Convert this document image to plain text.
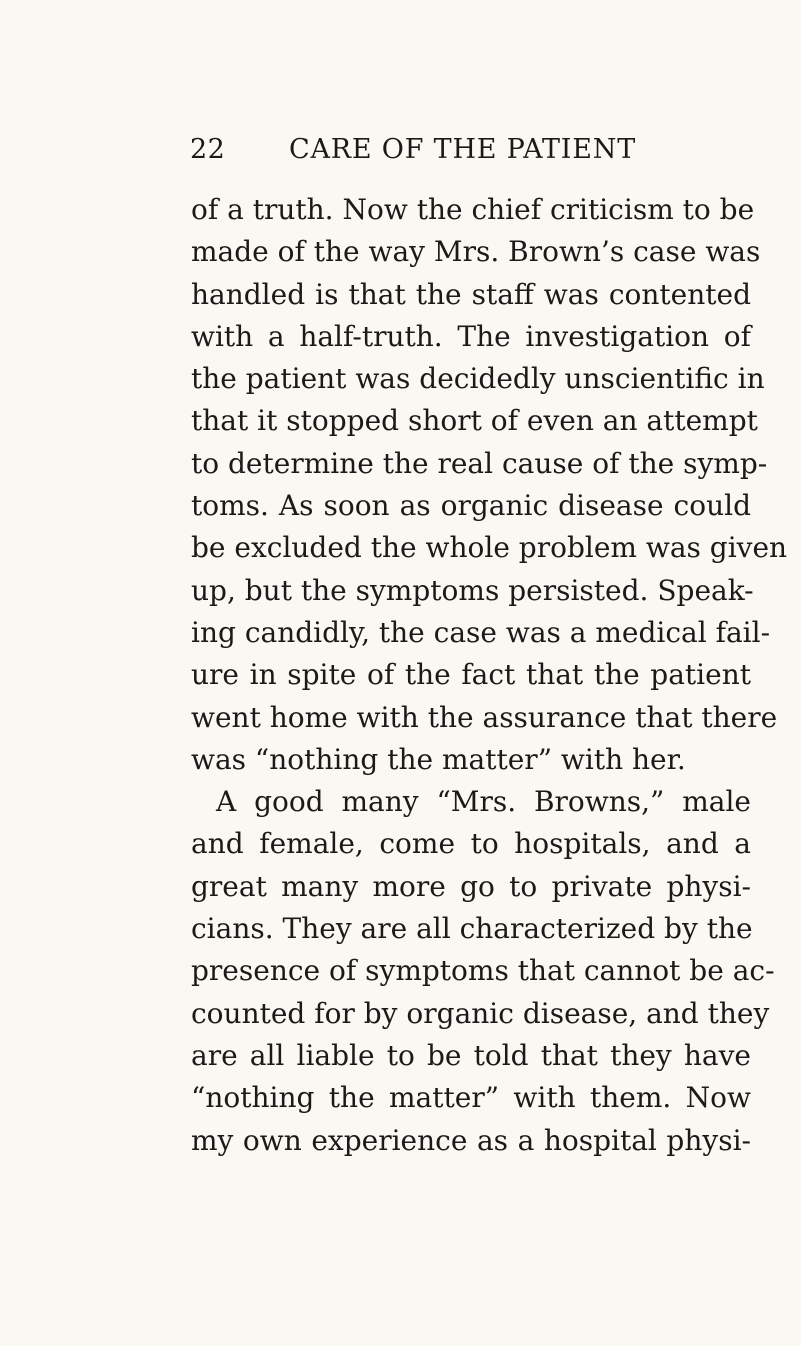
22 CARE OF THE PATIENT
of a truth. Now the chief criticism to be
made of the way Mrs. Brown’s case was
handled is that the staff was contented
with a half-truth. The investigation of
the patient was decidedly unscientific in
that it stopped short of even an attempt
to determine the real cause of the symp-
toms. As soon as organic disease could
be excluded the whole problem was given
up, but the symptoms persisted. Speak-
ing candidly, the case was a medical fail-
ure in spite of the fact that the patient
went home with the assurance that there
was “nothing the matter” with her.
A good many “Mrs. Browns,” male
and female, come to hospitals, and a
great many more go to private physi-
cians. They are all characterized by the
presence of symptoms that cannot be ac-
counted for by organic disease, and they
are all liable to be told that they have
“nothing the matter” with them. Now
my own experience as a hospital physi-
